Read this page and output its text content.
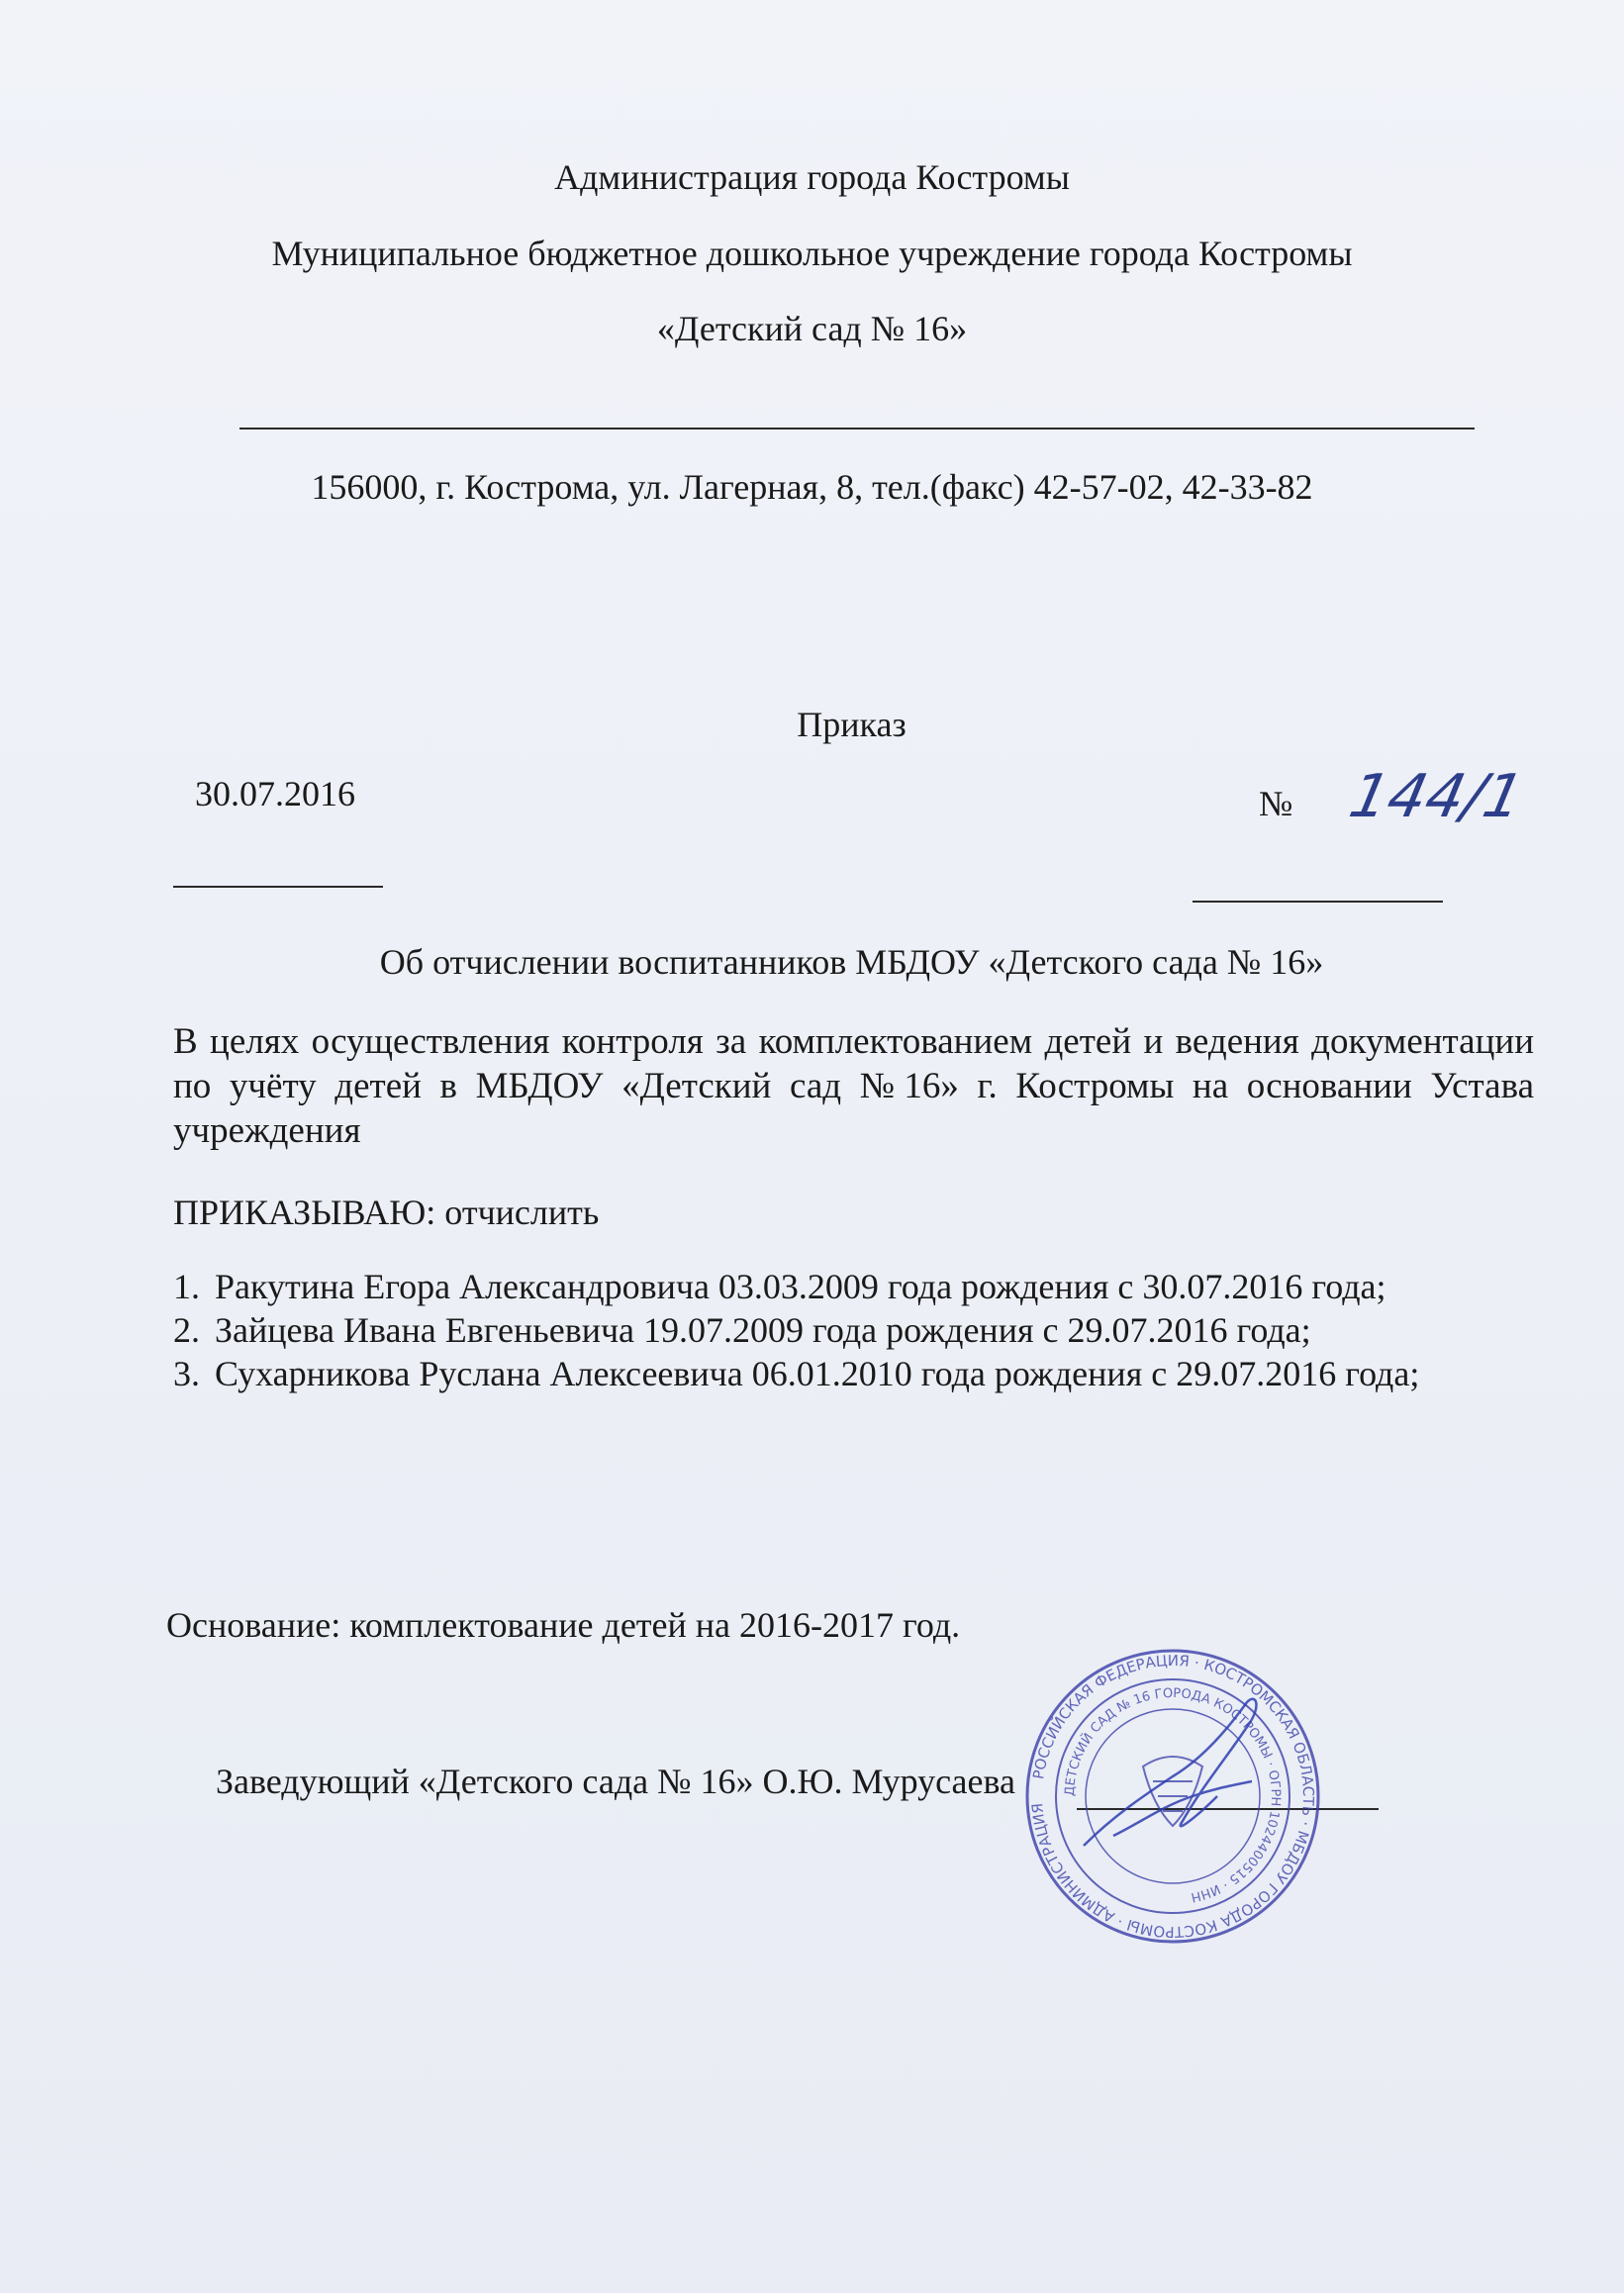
Администрация города Костромы
Муниципальное бюджетное дошкольное учреждение города Костромы
«Детский сад № 16»
156000, г. Кострома, ул. Лагерная, 8, тел.(факс) 42-57-02, 42-33-82
Приказ
30.07.2016	№ 144/1
Об отчислении воспитанников МБДОУ «Детского сада № 16»
В целях осуществления контроля за комплектованием детей и ведения документации по учёту детей в МБДОУ «Детский сад №16» г. Костромы на основании Устава учреждения
ПРИКАЗЫВАЮ: отчислить
1. Ракутина Егора Александровича 03.03.2009 года рождения с 30.07.2016 года;
2. Зайцева Ивана Евгеньевича 19.07.2009 года рождения с 29.07.2016 года;
3. Сухарникова Руслана Алексеевича 06.01.2010 года рождения с 29.07.2016 года;
Основание: комплектование детей на 2016-2017 год.
Заведующий «Детского сада № 16» О.Ю. Мурусаева РОССИЙСКАЯ ФЕДЕРАЦИЯ · КОСТРОМСКАЯ ОБЛАСТЬ · МБДОУ ГОРОДА КОСТРОМЫ · АДМИНИСТРАЦИЯ
ДЕТСКИЙ САД № 16 ГОРОДА КОСТРОМЫ · ОГРН 1024400515 · ИНН
